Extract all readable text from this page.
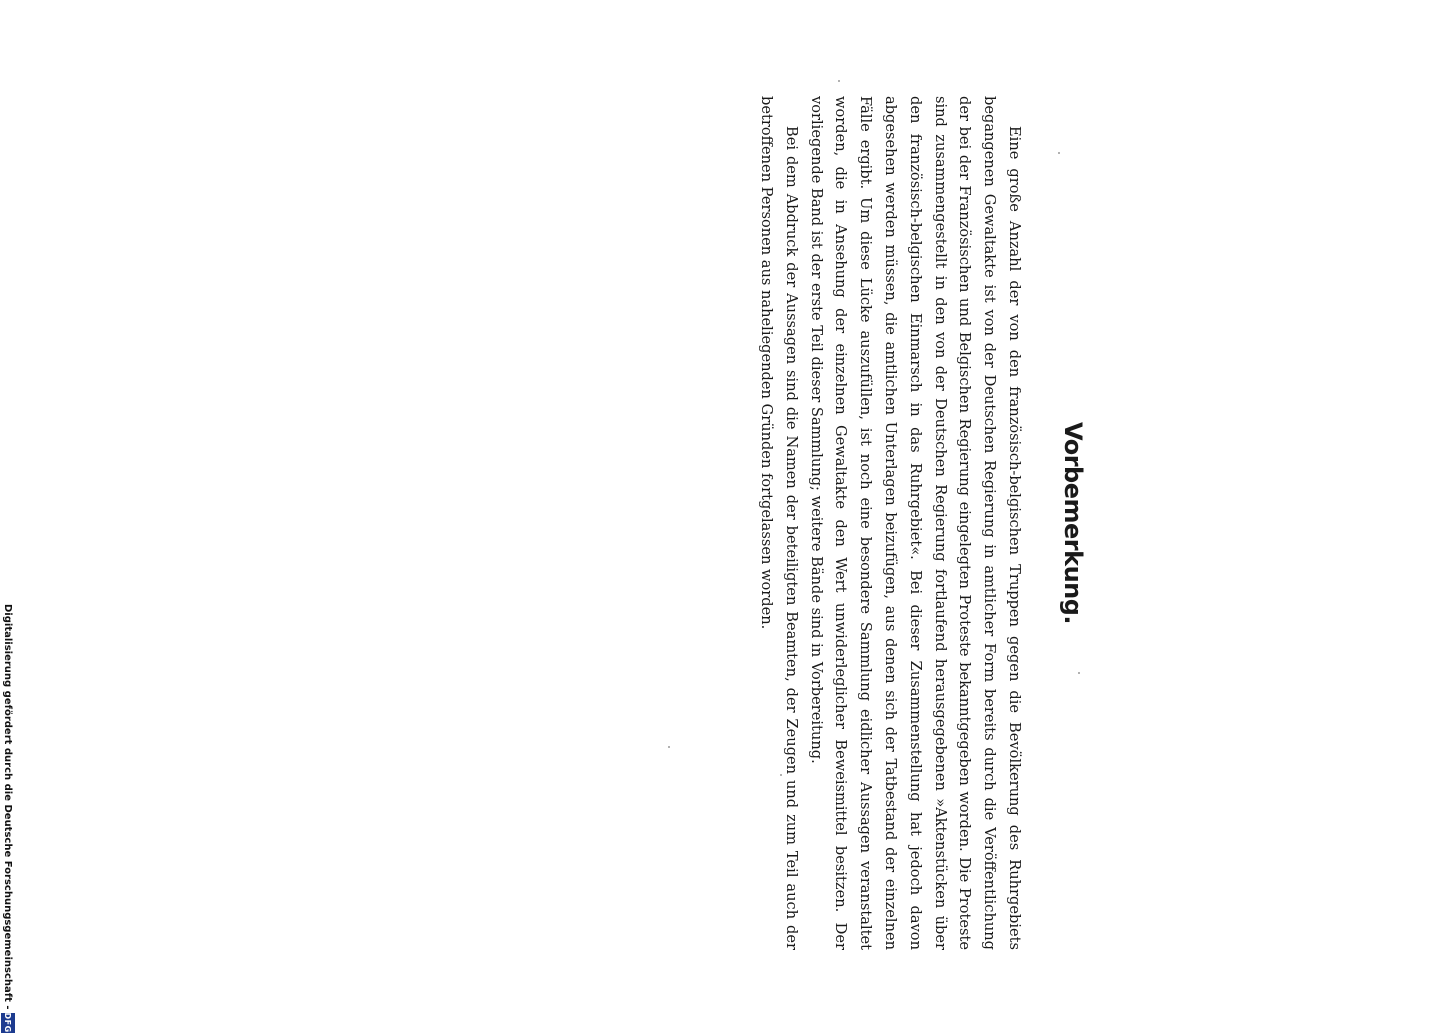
Vorbemerkung.

Eine große Anzahl der von den französisch-belgischen Truppen gegen die Bevölkerung des Ruhrgebiets begangenen Gewaltakte ist von der Deutschen Regierung in amtlicher Form bereits durch die Veröffentlichung der bei der Französischen und Belgischen Regierung eingelegten Proteste bekanntgegeben worden. Die Proteste sind zusammengestellt in den von der Deutschen Regierung fortlaufend herausgegebenen »Aktenstücken über den französisch-belgischen Einmarsch in das Ruhrgebiet«. Bei dieser Zusammenstellung hat jedoch davon abgesehen werden müssen, die amtlichen Unterlagen beizufügen, aus denen sich der Tatbestand der einzelnen Fälle ergibt. Um diese Lücke auszufüllen, ist noch eine besondere Sammlung eidlicher Aussagen veranstaltet worden, die in Ansehung der einzelnen Gewaltakte den Wert unwiderleglicher Beweismittel besitzen. Der vorliegende Band ist der erste Teil dieser Sammlung; weitere Bände sind in Vorbereitung.

Bei dem Abdruck der Aussagen sind die Namen der beteiligten Beamten, der Zeugen und zum Teil auch der betroffenen Personen aus naheliegenden Gründen fortgelassen worden.

Digitalisierung gefördert durch die Deutsche Forschungsgemeinschaft -
DFG
